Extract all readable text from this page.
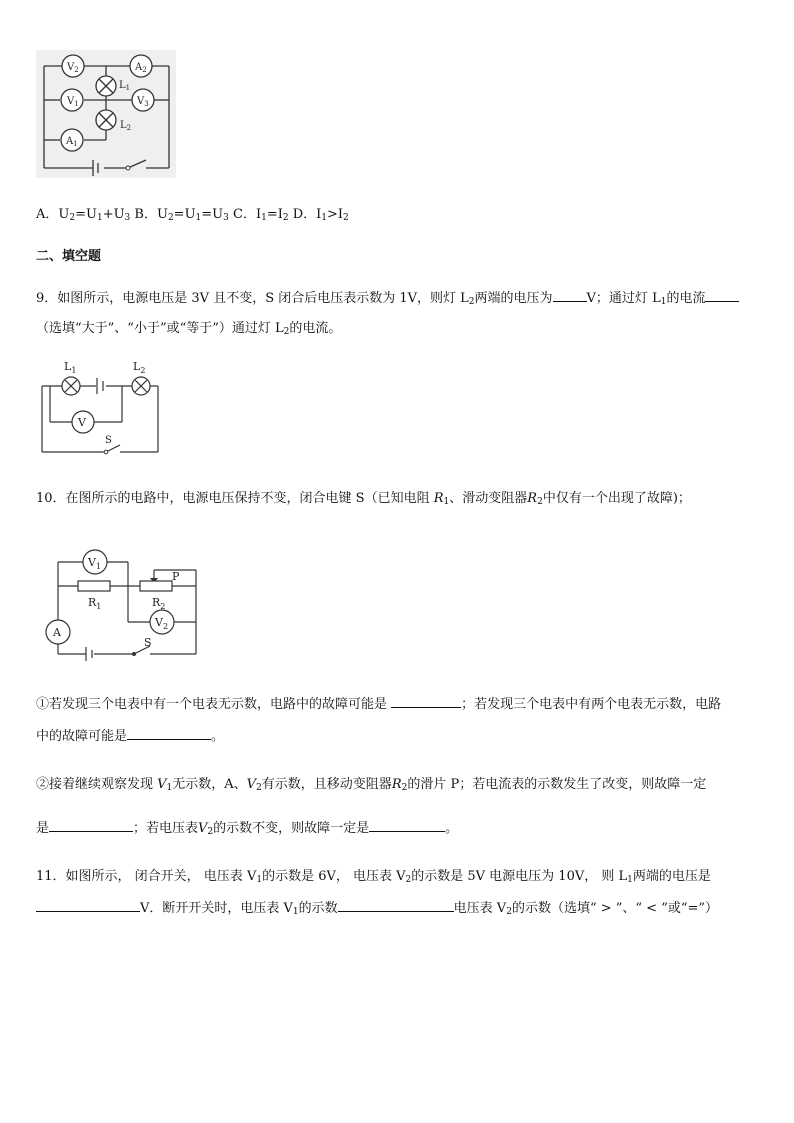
$V_2$	$A_2$
$L_1$
$V_1$	$V_3$
$L_2$
$A_1$
A．$U_2=U_1+U_3$ B．$U_2=U_1=U_3$ C．$I_1=I_2$ D．$I_1>I_2$
二、填空题
9．如图所示，电源电压是 3V 且不变，S 闭合后电压表示数为 1V，则灯 $L_2$两端的电压为	V；通过灯 $L_1$的电流
（选填“大于”、“小于”或“等于”）通过灯 $L_2$的电流。
$L_1$	$L_2$
V
S
10．在图所示的电路中，电源电压保持不变，闭合电键 S（已知电阻 $R_1$、滑动变阻器$R_2$中仅有一个出现了故障)；
$V_1$
P
$R_1$	$R_2$
$V_2$
A
S
①若发现三个电表中有一个电表无示数，电路中的故障可能是	；若发现三个电表中有两个电表无示数，电路
中的故障可能是	。
②接着继续观察发现 $V_1$无示数，A、$V_2$有示数，且移动变阻器$R_2$的滑片 P；若电流表的示数发生了改变，则故障一定
是	；若电压表$V_2$的示数不变，则故障一定是	。
11．如图所示， 闭合开关， 电压表 $V_1$的示数是 6V， 电压表 $V_2$的示数是 5V 电源电压为 10V， 则 $L_1$两端的电压是
V．断开开关时，电压表 $V_1$的示数	电压表 $V_2$的示数（选填“ > ”、“ < ”或“=”）
